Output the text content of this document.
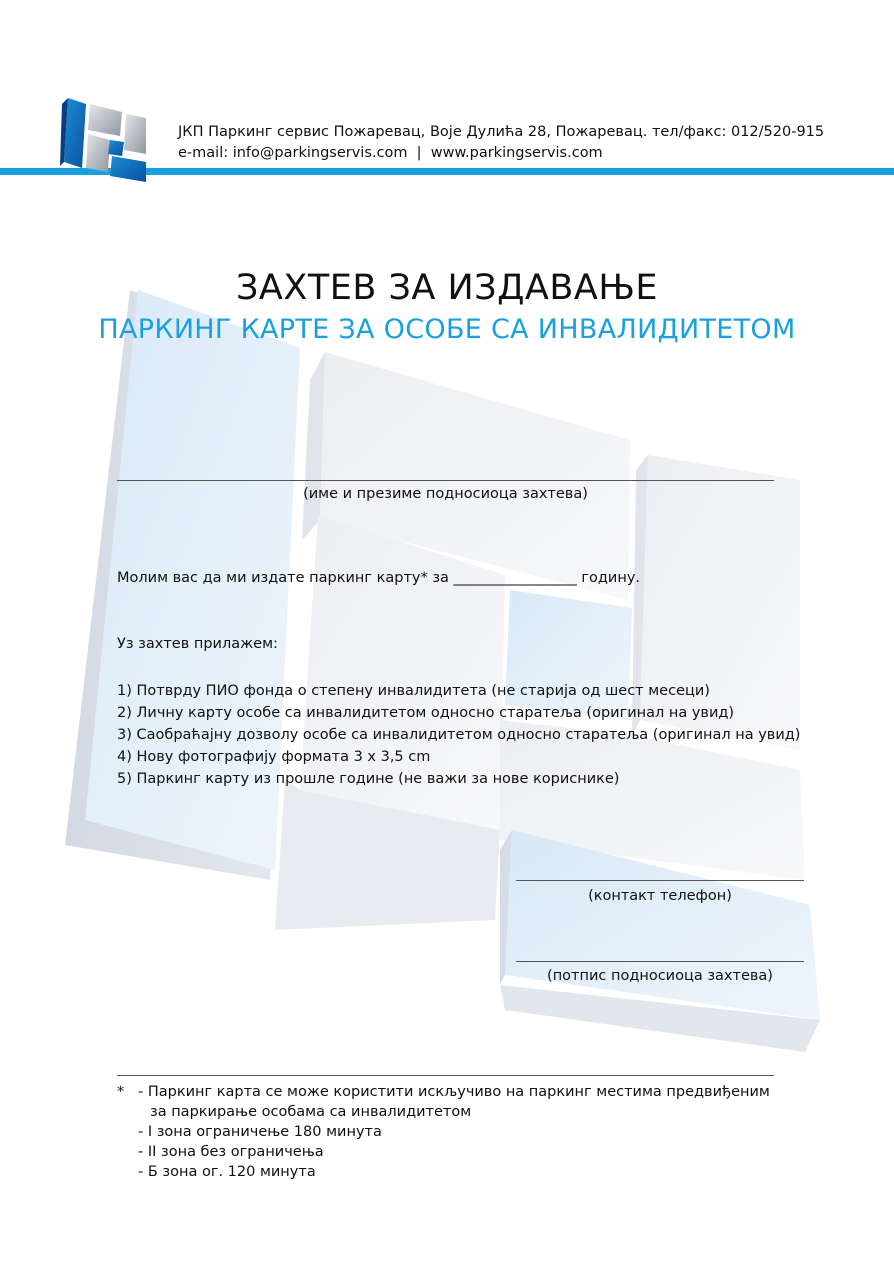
ЈКП Паркинг сервис Пожаревац, Воје Дулића 28, Пожаревац. тел/факс: 012/520-915
e-mail: info@parkingservis.com  |  www.parkingservis.com
ЗАХТЕВ ЗА ИЗДАВАЊЕ
ПАРКИНГ КАРТЕ ЗА ОСОБЕ СА ИНВАЛИДИТЕТОМ
(име и презиме подносиоца захтева)
Молим вас да ми издате паркинг карту* за _________________ годину.
Уз захтев прилажем:
1) Потврду ПИО фонда о степену инвалидитета (не старија од шест месеци)
2) Личну карту особе са инвалидитетом односно старатеља (оригинал на увид)
3) Саобраћајну дозволу особе са инвалидитетом односно старатеља (оригинал на увид)
4) Нову фотографију формата 3 x 3,5 cm
5) Паркинг карту из прошле године (не важи за нове кориснике)
(контакт телефон)
(потпис подносиоца захтева)
* - Паркинг карта се може користити искључиво на паркинг местима предвиђеним
за паркирање особама са инвалидитетом
- I зона ограничење 180 минута
- II зона без ограничења
- Б зона ог. 120 минута
